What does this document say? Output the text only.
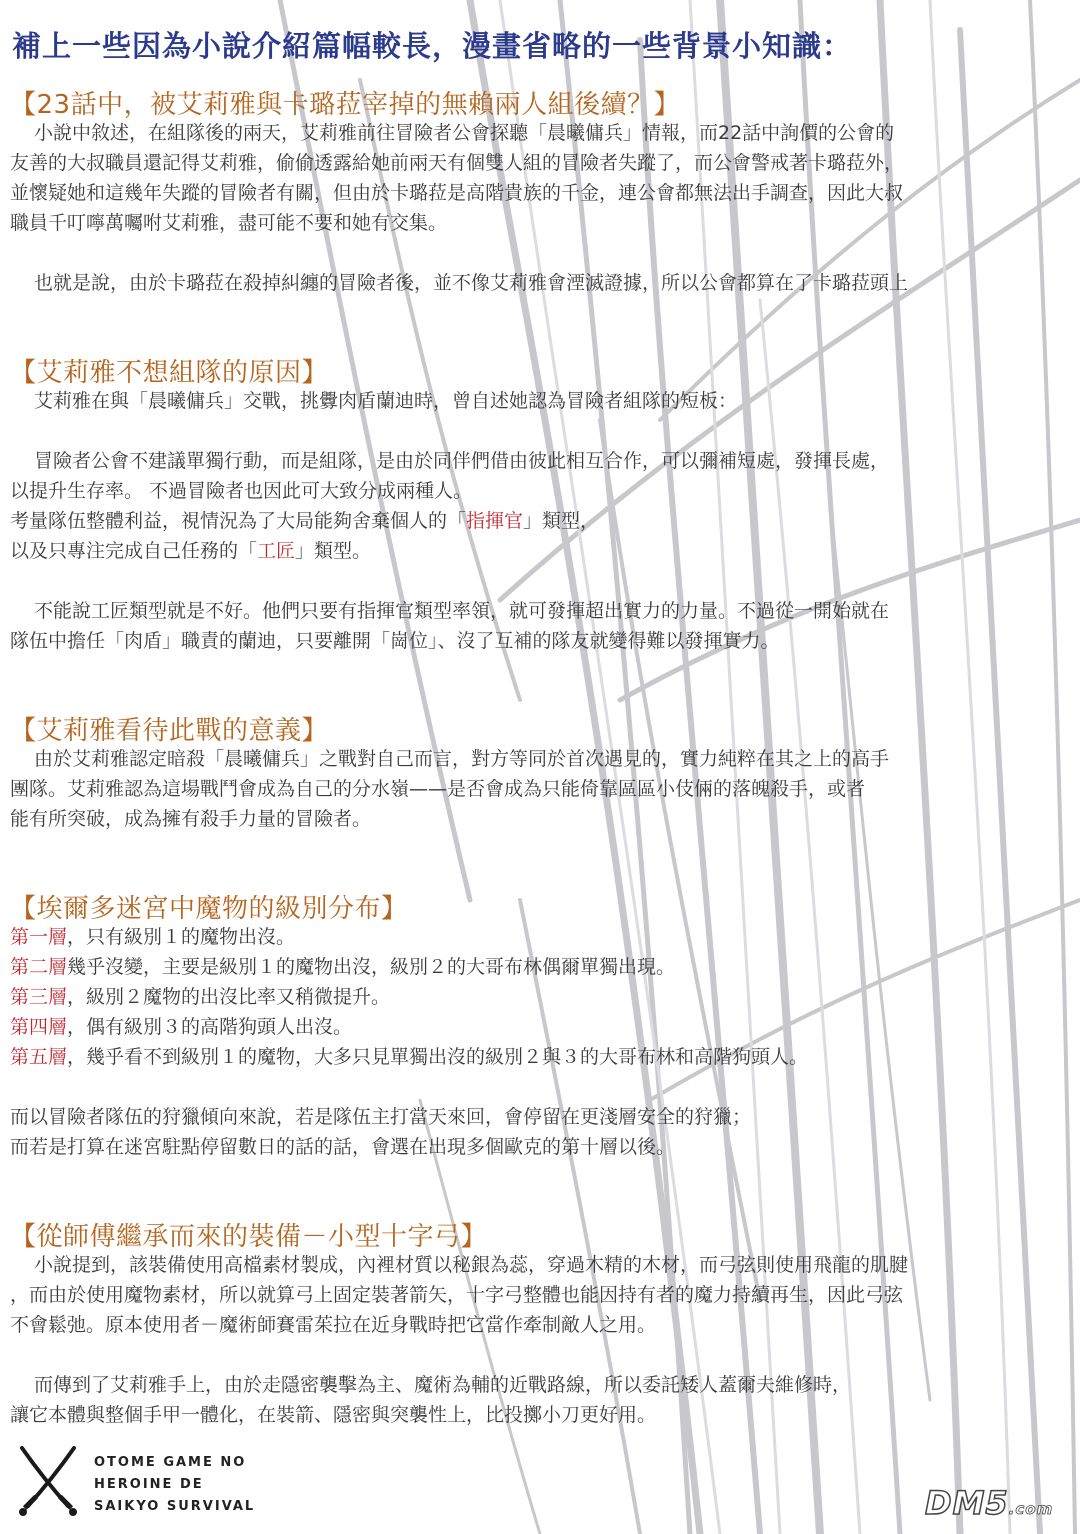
補上一些因為小說介紹篇幅較長，漫畫省略的一些背景小知識：
【23話中，被艾莉雅與卡璐菈宰掉的無賴兩人組後續？】
小說中敘述，在組隊後的兩天，艾莉雅前往冒險者公會探聽「晨曦傭兵」情報，而22話中詢價的公會的
友善的大叔職員還記得艾莉雅，偷偷透露給她前兩天有個雙人組的冒險者失蹤了，而公會警戒著卡璐菈外，
並懷疑她和這幾年失蹤的冒險者有關，但由於卡璐菈是高階貴族的千金，連公會都無法出手調查，因此大叔
職員千叮嚀萬囑咐艾莉雅，盡可能不要和她有交集。
也就是說，由於卡璐菈在殺掉糾纏的冒險者後，並不像艾莉雅會湮滅證據，所以公會都算在了卡璐菈頭上
【艾莉雅不想組隊的原因】
艾莉雅在與「晨曦傭兵」交戰，挑釁肉盾蘭迪時，曾自述她認為冒險者組隊的短板：
冒險者公會不建議單獨行動，而是組隊，是由於同伴們借由彼此相互合作，可以彌補短處，發揮長處，
以提升生存率。 不過冒險者也因此可大致分成兩種人。
考量隊伍整體利益，視情況為了大局能夠舍棄個人的「指揮官」類型，
以及只專注完成自己任務的「工匠」類型。
不能說工匠類型就是不好。他們只要有指揮官類型率領，就可發揮超出實力的力量。不過從一開始就在
隊伍中擔任「肉盾」職責的蘭迪，只要離開「崗位」、沒了互補的隊友就變得難以發揮實力。
【艾莉雅看待此戰的意義】
由於艾莉雅認定暗殺「晨曦傭兵」之戰對自己而言，對方等同於首次遇見的，實力純粹在其之上的高手
團隊。艾莉雅認為這場戰鬥會成為自己的分水嶺——是否會成為只能倚靠區區小伎倆的落魄殺手，或者
能有所突破，成為擁有殺手力量的冒險者。
【埃爾多迷宮中魔物的級別分布】
第一層，只有級別１的魔物出沒。
第二層幾乎沒變，主要是級別１的魔物出沒，級別２的大哥布林偶爾單獨出現。
第三層，級別２魔物的出沒比率又稍微提升。
第四層，偶有級別３的高階狗頭人出沒。
第五層，幾乎看不到級別１的魔物，大多只見單獨出沒的級別２與３的大哥布林和高階狗頭人。
而以冒險者隊伍的狩獵傾向來說，若是隊伍主打當天來回，會停留在更淺層安全的狩獵；
而若是打算在迷宮駐點停留數日的話的話，會選在出現多個歐克的第十層以後。
【從師傅繼承而來的裝備－小型十字弓】
小說提到，該裝備使用高檔素材製成，內裡材質以秘銀為蕊，穿過木精的木材，而弓弦則使用飛龍的肌腱
，而由於使用魔物素材，所以就算弓上固定裝著箭矢，十字弓整體也能因持有者的魔力持續再生，因此弓弦
不會鬆弛。原本使用者－魔術師賽雷茱拉在近身戰時把它當作牽制敵人之用。
而傳到了艾莉雅手上，由於走隱密襲擊為主、魔術為輔的近戰路線，所以委託矮人蓋爾夫維修時，
讓它本體與整個手甲一體化，在裝箭、隱密與突襲性上，比投擲小刀更好用。
OTOME GAME NO
HEROINE DE
SAIKYO SURVIVAL	DM5.com
